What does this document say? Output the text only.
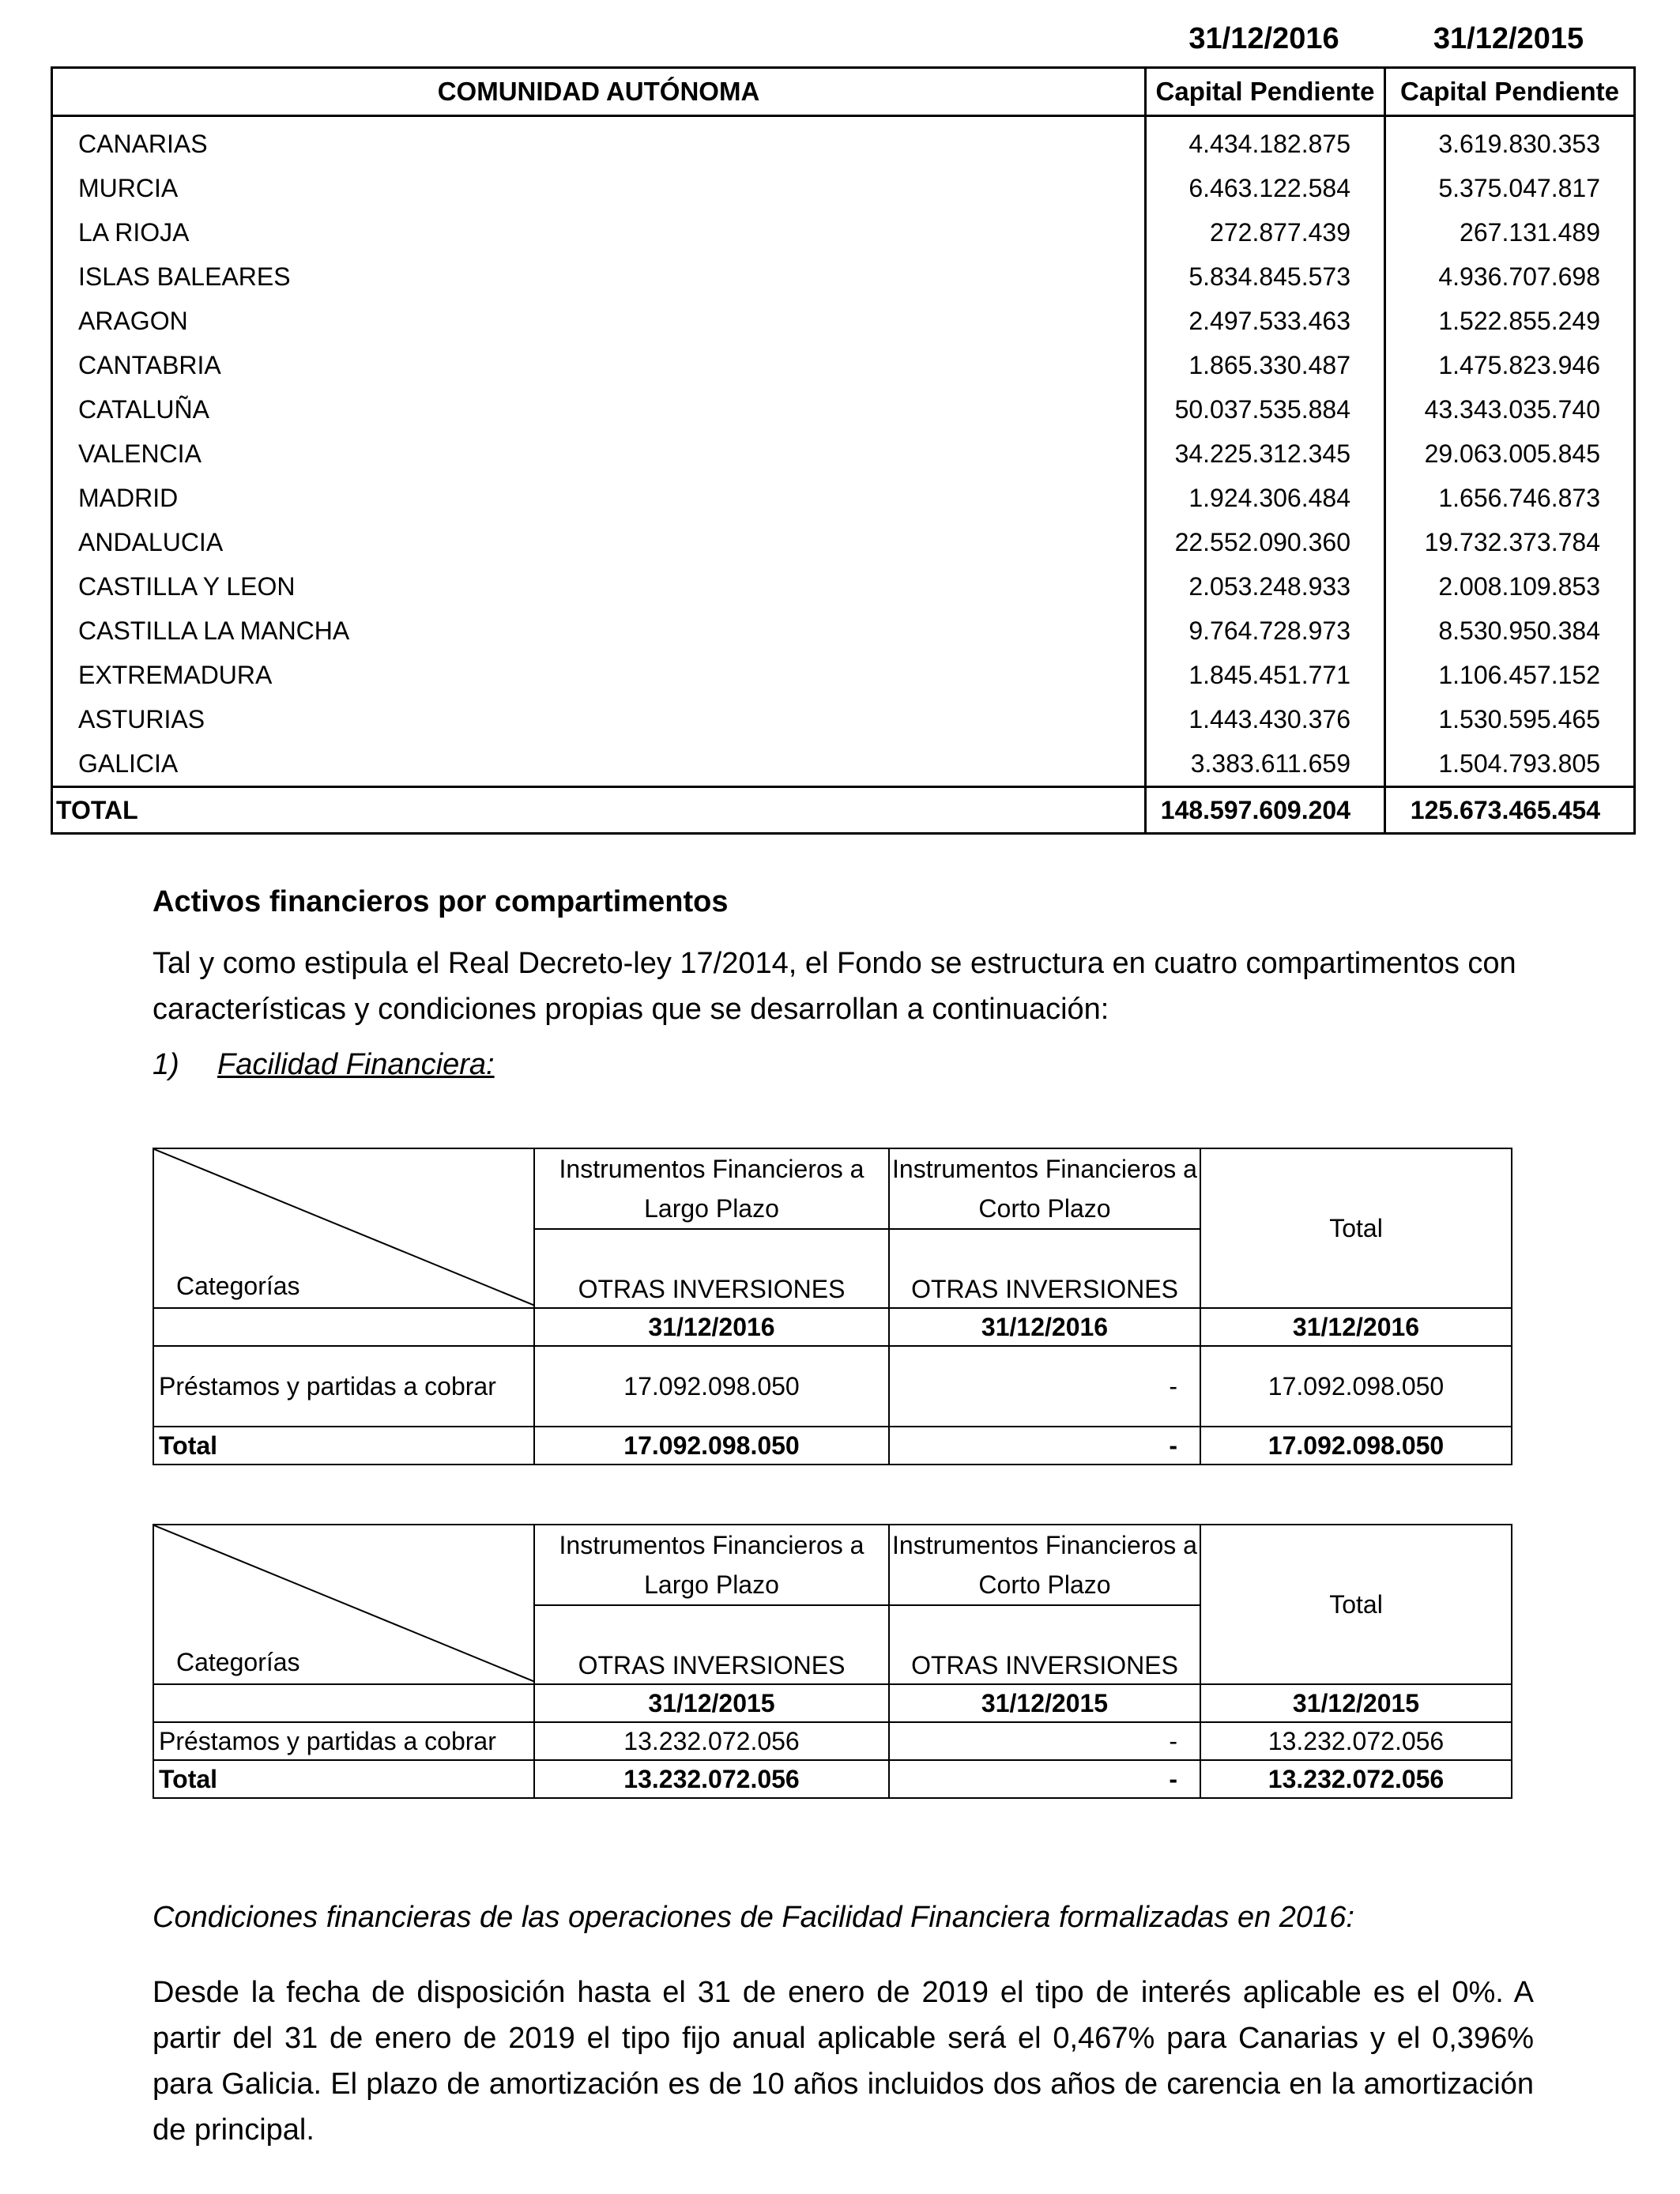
31/12/2016	31/12/2015
COMUNIDAD AUTÓNOMA	Capital Pendiente	Capital Pendiente
CANARIAS	4.434.182.875	3.619.830.353
MURCIA	6.463.122.584	5.375.047.817
LA RIOJA	272.877.439	267.131.489
ISLAS BALEARES	5.834.845.573	4.936.707.698
ARAGON	2.497.533.463	1.522.855.249
CANTABRIA	1.865.330.487	1.475.823.946
CATALUÑA	50.037.535.884	43.343.035.740
VALENCIA	34.225.312.345	29.063.005.845
MADRID	1.924.306.484	1.656.746.873
ANDALUCIA	22.552.090.360	19.732.373.784
CASTILLA Y LEON	2.053.248.933	2.008.109.853
CASTILLA LA MANCHA	9.764.728.973	8.530.950.384
EXTREMADURA	1.845.451.771	1.106.457.152
ASTURIAS	1.443.430.376	1.530.595.465
GALICIA	3.383.611.659	1.504.793.805
TOTAL	148.597.609.204	125.673.465.454
Activos financieros por compartimentos
Tal y como estipula el Real Decreto-ley 17/2014, el Fondo se estructura en cuatro compartimentos con características y condiciones propias que se desarrollan a continuación:
1) Facilidad Financiera:
Categorías	Instrumentos Financieros a Largo Plazo	Instrumentos Financieros a Corto Plazo	Total
	OTRAS INVERSIONES	OTRAS INVERSIONES	
	31/12/2016	31/12/2016	31/12/2016
Préstamos y partidas a cobrar	17.092.098.050	-	17.092.098.050
Total	17.092.098.050	-	17.092.098.050
Categorías	Instrumentos Financieros a Largo Plazo	Instrumentos Financieros a Corto Plazo	Total
	OTRAS INVERSIONES	OTRAS INVERSIONES	
	31/12/2015	31/12/2015	31/12/2015
Préstamos y partidas a cobrar	13.232.072.056	-	13.232.072.056
Total	13.232.072.056	-	13.232.072.056
Condiciones financieras de las operaciones de Facilidad Financiera formalizadas en 2016:
Desde la fecha de disposición hasta el 31 de enero de 2019 el tipo de interés aplicable es el 0%. A partir del 31 de enero de 2019 el tipo fijo anual aplicable será el 0,467% para Canarias y el 0,396% para Galicia. El plazo de amortización es de 10 años incluidos dos años de carencia en la amortización de principal.
